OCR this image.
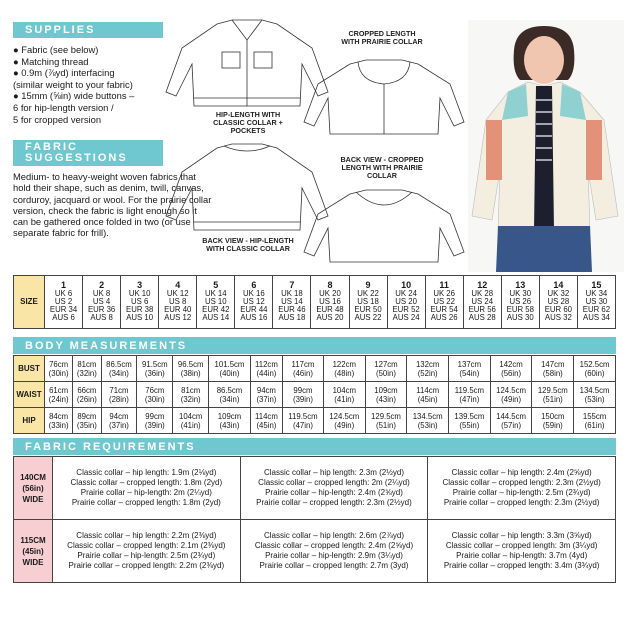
SUPPLIES
● Fabric (see below)
● Matching thread
● 0.9m (⅞yd) interfacing
(similar weight to your fabric)
● 15mm (⅝in) wide buttons –
6 for hip-length version /
5 for cropped version
FABRIC SUGGESTIONS
Medium- to heavy-weight woven fabrics that hold their shape, such as denim, twill, canvas, corduroy, jacquard or wool. For the prairie collar version, check the fabric is light enough so it can be gathered once folded in two (or use separate fabric for frill).
HIP-LENGTH WITH CLASSIC COLLAR + POCKETS
CROPPED LENGTH WITH PRAIRIE COLLAR
BACK VIEW - HIP-LENGTH WITH CLASSIC COLLAR
BACK VIEW - CROPPED LENGTH WITH PRAIRIE COLLAR
SIZE	
1
UK 6
US 2
EUR 34
AUS 6

2
UK 8
US 4
EUR 36
AUS 8

3
UK 10
US 6
EUR 38
AUS 10

4
UK 12
US 8
EUR 40
AUS 12

5
UK 14
US 10
EUR 42
AUS 14

6
UK 16
US 12
EUR 44
AUS 16

7
UK 18
US 14
EUR 46
AUS 18

8
UK 20
US 16
EUR 48
AUS 20

9
UK 22
US 18
EUR 50
AUS 22

10
UK 24
US 20
EUR 52
AUS 24

11
UK 26
US 22
EUR 54
AUS 26

12
UK 28
US 24
EUR 56
AUS 28

13
UK 30
US 26
EUR 58
AUS 30

14
UK 32
US 28
EUR 60
AUS 32

15
UK 34
US 30
EUR 62
AUS 34
BODY MEASUREMENTS
BUST	76cm
(30in)	81cm
(32in)	86.5cm
(34in)	91.5cm
(36in)	96.5cm
(38in)	101.5cm
(40in)	112cm
(44in)	117cm
(46in)	122cm
(48in)	127cm
(50in)	132cm
(52in)	137cm
(54in)	142cm
(56in)	147cm
(58in)	152.5cm
(60in)

WAIST	61cm
(24in)	66cm
(26in)	71cm
(28in)	76cm
(30in)	81cm
(32in)	86.5cm
(34in)	94cm
(37in)	99cm
(39in)	104cm
(41in)	109cm
(43in)	114cm
(45in)	119.5cm
(47in)	124.5cm
(49in)	129.5cm
(51in)	134.5cm
(53in)

HIP	84cm
(33in)	89cm
(35in)	94cm
(37in)	99cm
(39in)	104cm
(41in)	109cm
(43in)	114cm
(45in)	119.5cm
(47in)	124.5cm
(49in)	129.5cm
(51in)	134.5cm
(53in)	139.5cm
(55in)	144.5cm
(57in)	150cm
(59in)	155cm
(61in)
FABRIC REQUIREMENTS
140CM
(56in)
WIDE	Classic collar – hip length: 1.9m (2⅛yd)
Classic collar – cropped length: 1.8m (2yd)
Prairie collar – hip-length: 2m (2¼yd)
Prairie collar – cropped length: 1.8m (2yd)	Classic collar – hip length: 2.3m (2½yd)
Classic collar – cropped length: 2m (2¼yd)
Prairie collar – hip-length: 2.4m (2⅝yd)
Prairie collar – cropped length: 2.3m (2½yd)	Classic collar – hip length: 2.4m (2⅝yd)
Classic collar – cropped length: 2.3m (2½yd)
Prairie collar – hip-length: 2.5m (2¾yd)
Prairie collar – cropped length: 2.3m (2½yd)

115CM
(45in)
WIDE	Classic collar – hip length: 2.2m (2⅜yd)
Classic collar – cropped length: 2.1m (2⅜yd)
Prairie collar – hip-length: 2.5m (2¾yd)
Prairie collar – cropped length: 2.2m (2⅜yd)	Classic collar – hip length: 2.6m (2⅞yd)
Classic collar – cropped length: 2.4m (2⅝yd)
Prairie collar – hip-length: 2.9m (3¼yd)
Prairie collar – cropped length: 2.7m (3yd)	Classic collar – hip length: 3.3m (3⅝yd)
Classic collar – cropped length: 3m (3¼yd)
Prairie collar – hip-length: 3.7m (4yd)
Prairie collar – cropped length: 3.4m (3¾yd)
